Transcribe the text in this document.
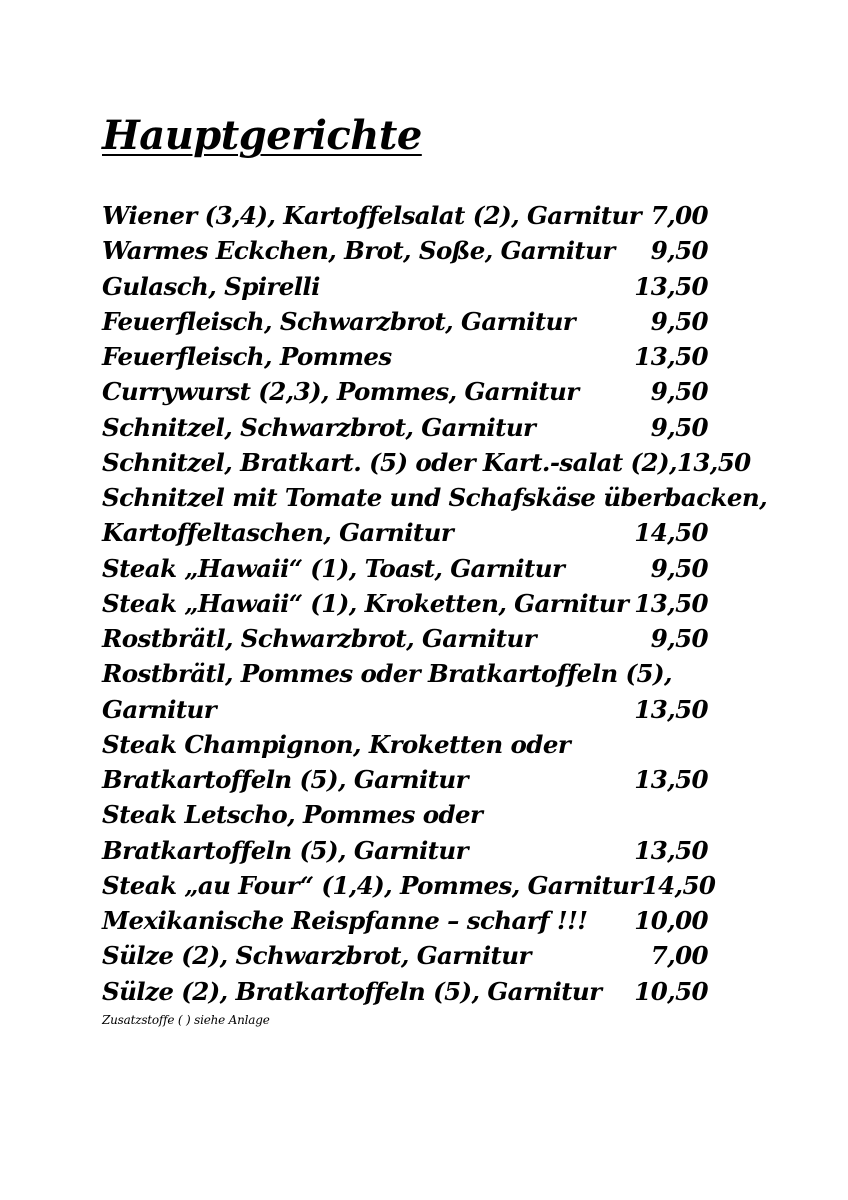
Hauptgerichte
Wiener (3,4), Kartoffelsalat (2), Garnitur 7,00
Warmes Eckchen, Brot, Soße, Garnitur 9,50
Gulasch, Spirelli	13,50
Feuerfleisch, Schwarzbrot, Garnitur	9,50
Feuerfleisch, Pommes	13,50
Currywurst (2,3), Pommes, Garnitur	9,50
Schnitzel, Schwarzbrot, Garnitur	9,50
Schnitzel, Bratkart. (5) oder Kart.-salat (2), 13,50
Schnitzel mit Tomate und Schafskäse überbacken,
Kartoffeltaschen, Garnitur	14,50
Steak „Hawaii“ (1), Toast, Garnitur	9,50
Steak „Hawaii“ (1), Kroketten, Garnitur 13,50
Rostbrätl, Schwarzbrot, Garnitur	9,50
Rostbrätl, Pommes oder Bratkartoffeln (5),
Garnitur	13,50
Steak Champignon, Kroketten oder
Bratkartoffeln (5), Garnitur	13,50
Steak Letscho, Pommes oder
Bratkartoffeln (5), Garnitur	13,50
Steak „au Four“ (1,4), Pommes, Garnitur 14,50
Mexikanische Reispfanne – scharf !!! 10,00
Sülze (2), Schwarzbrot, Garnitur	7,00
Sülze (2), Bratkartoffeln (5), Garnitur 10,50
Zusatzstoffe ( ) siehe Anlage
